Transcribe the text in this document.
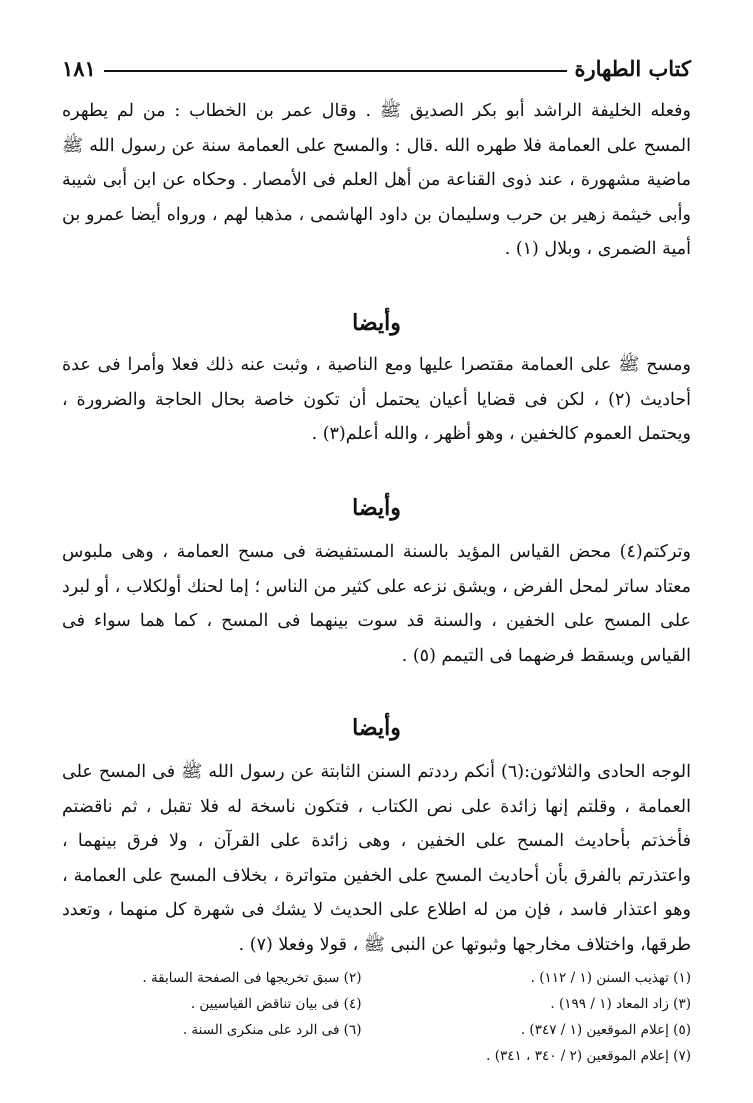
كتاب الطهارة
١٨١
وفعله الخليفة الراشد أبو بكر الصديق ﷺ . وقال عمر بن الخطاب : من لم يطهره المسح على العمامة فلا طهره الله .قال : والمسح على العمامة سنة عن رسول الله ﷺ ماضية مشهورة ، عند ذوى القناعة من أهل العلم فى الأمصار . وحكاه عن ابن أبى شيبة وأبى خيثمة زهير بن حرب وسليمان بن داود الهاشمى ، مذهبا لهم ، ورواه أيضا عمرو بن أمية الضمرى ، وبلال (١) .
وأيضا
ومسح ﷺ على العمامة مقتصرا عليها ومع الناصية ، وثبت عنه ذلك فعلا وأمرا فى عدة أحاديث (٢) ، لكن فى قضايا أعيان يحتمل أن تكون خاصة بحال الحاجة والضرورة ، ويحتمل العموم كالخفين ، وهو أظهر ، والله أعلم(٣) .
وأيضا
وتركتم(٤) محض القياس المؤيد بالسنة المستفيضة فى مسح العمامة ، وهى ملبوس معتاد ساتر لمحل الفرض ، ويشق نزعه على كثير من الناس ؛ إما لحنك أولكلاب ، أو لبرد على المسح على الخفين ، والسنة قد سوت بينهما فى المسح ، كما هما سواء فى القياس ويسقط فرضهما فى التيمم (٥) .
وأيضا
الوجه الحادى والثلاثون:(٦) أنكم رددتم السنن الثابتة عن رسول الله ﷺ فى المسح على العمامة ، وقلتم إنها زائدة على نص الكتاب ، فتكون ناسخة له فلا تقبل ، ثم ناقضتم فأخذتم بأحاديث المسح على الخفين ، وهى زائدة على القرآن ، ولا فرق بينهما ، واعتذرتم بالفرق بأن أحاديث المسح على الخفين متواترة ، بخلاف المسح على العمامة ، وهو اعتذار فاسد ، فإن من له اطلاع على الحديث لا يشك فى شهرة كل منهما ، وتعدد طرقها، واختلاف مخارجها وثبوتها عن النبى ﷺ ، قولا وفعلا (٧) .
(١) تهذيب السنن (١ / ١١٢) .
(٢) سبق تخريجها فى الصفحة السابقة .
(٣) زاد المعاد (١ / ١٩٩) .
(٤) فى بيان تناقض القياسيين .
(٥) إعلام الموقعين (١ / ٣٤٧) .
(٦) فى الرد على منكرى السنة .
(٧) إعلام الموقعين (٢ / ٣٤٠ ، ٣٤١) .
